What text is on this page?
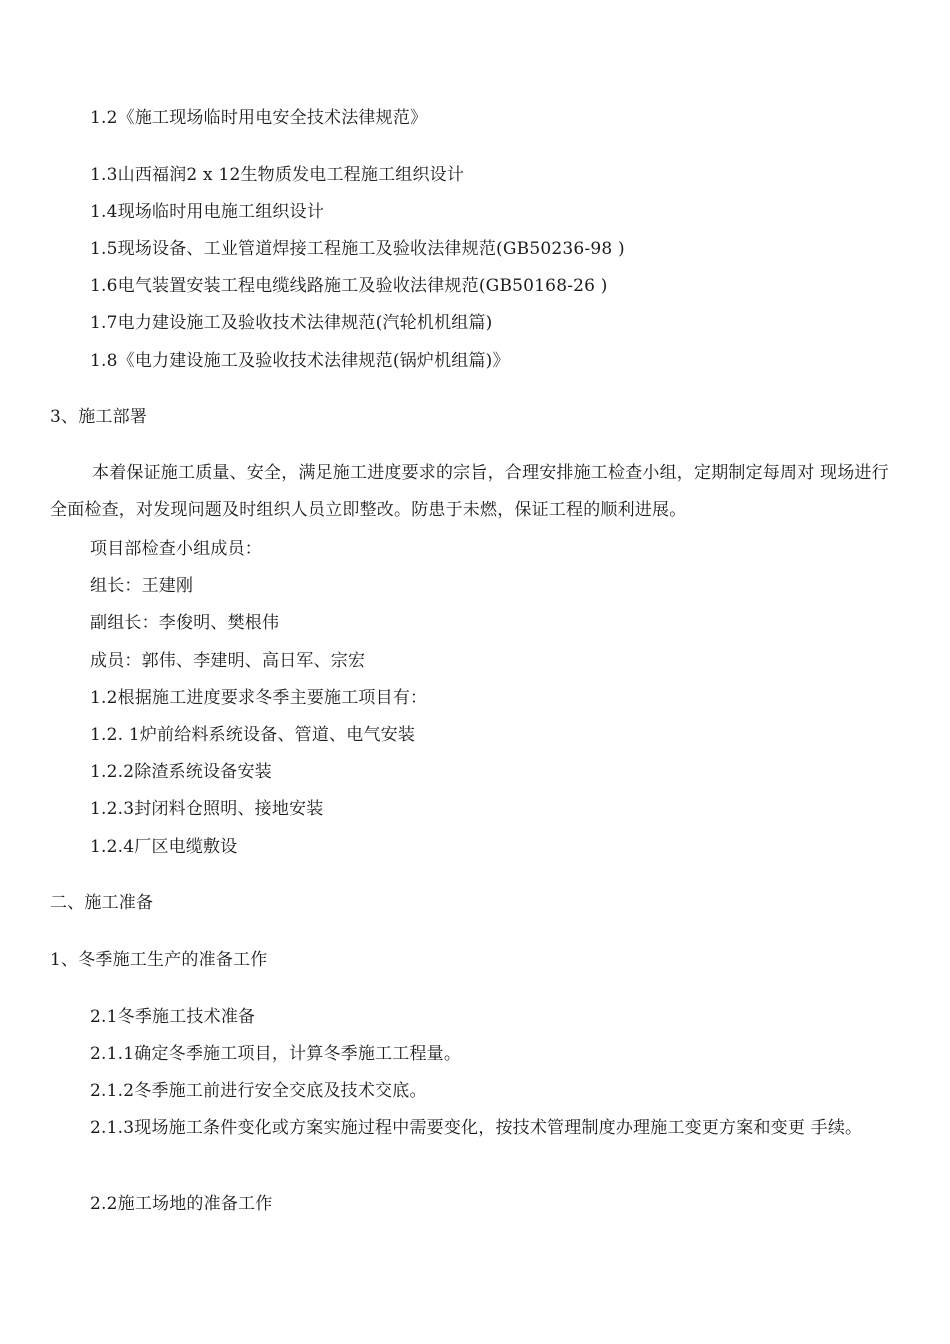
1.2《施工现场临时用电安全技术法律规范》
1.3山西福润2 x 12生物质发电工程施工组织设计
1.4现场临时用电施工组织设计
1.5现场设备、工业管道焊接工程施工及验收法律规范(GB50236-98 )
1.6电气装置安装工程电缆线路施工及验收法律规范(GB50168-26 )
1.7电力建设施工及验收技术法律规范(汽轮机机组篇)
1.8《电力建设施工及验收技术法律规范(锅炉机组篇)》
3、施工部署
本着保证施工质量、安全，满足施工进度要求的宗旨，合理安排施工检查小组，定期制定每周对 现场进行全面检查，对发现问题及时组织人员立即整改。防患于未燃，保证工程的顺利进展。
项目部检查小组成员：
组长：王建刚
副组长：李俊明、樊根伟
成员：郭伟、李建明、高日军、宗宏
1.2根据施工进度要求冬季主要施工项目有：
1.2. 1炉前给料系统设备、管道、电气安装
1.2.2除渣系统设备安装
1.2.3封闭料仓照明、接地安装
1.2.4厂区电缆敷设
二、施工准备
1、冬季施工生产的准备工作
2.1冬季施工技术准备
2.1.1确定冬季施工项目，计算冬季施工工程量。
2.1.2冬季施工前进行安全交底及技术交底。
2.1.3现场施工条件变化或方案实施过程中需要变化，按技术管理制度办理施工变更方案和变更 手续。
2.2施工场地的准备工作
